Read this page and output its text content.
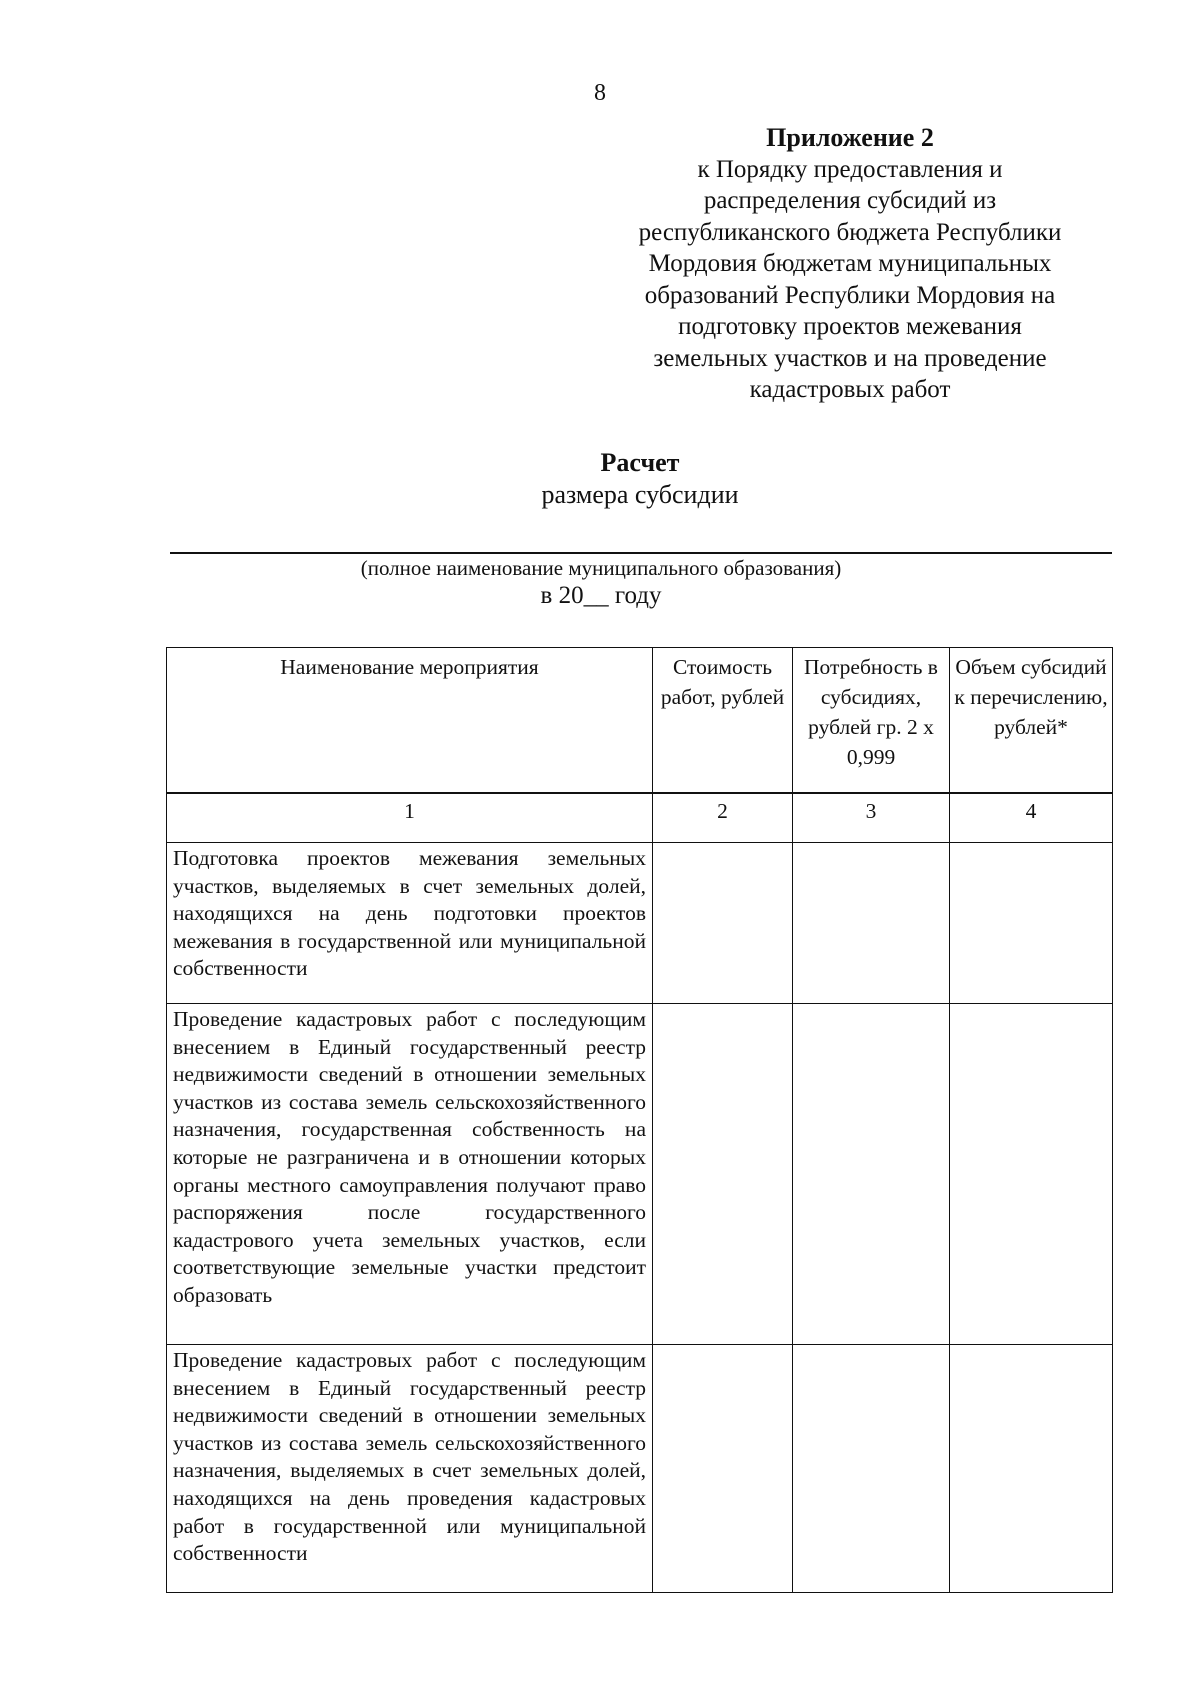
8
Приложение 2
к Порядку предоставления и
распределения субсидий из
республиканского бюджета Республики
Мордовия бюджетам муниципальных
образований Республики Мордовия на
подготовку проектов межевания
земельных участков и на проведение
кадастровых работ
Расчет
размера субсидии
(полное наименование муниципального образования)
в 20__ году
Наименование мероприятия	Стоимость работ, рублей	Потребность в субсидиях, рублей гр. 2 х 0,999	Объем субсидий к перечислению, рублей*
1	2	3	4
Подготовка проектов межевания земельных участков, выделяемых в счет земельных долей, находящихся на день подготовки проектов межевания в государственной или муниципальной собственности			
Проведение кадастровых работ с последующим внесением в Единый государственный реестр недвижимости сведений в отношении земельных участков из состава земель сельскохозяйственного назначения, государственная собственность на которые не разграничена и в отношении которых органы местного самоуправления получают право распоряжения после государственного кадастрового учета земельных участков, если соответствующие земельные участки предстоит образовать			
Проведение кадастровых работ с последующим внесением в Единый государственный реестр недвижимости сведений в отношении земельных участков из состава земель сельскохозяйственного назначения, выделяемых в счет земельных долей, находящихся на день проведения кадастровых работ в государственной или муниципальной собственности			
